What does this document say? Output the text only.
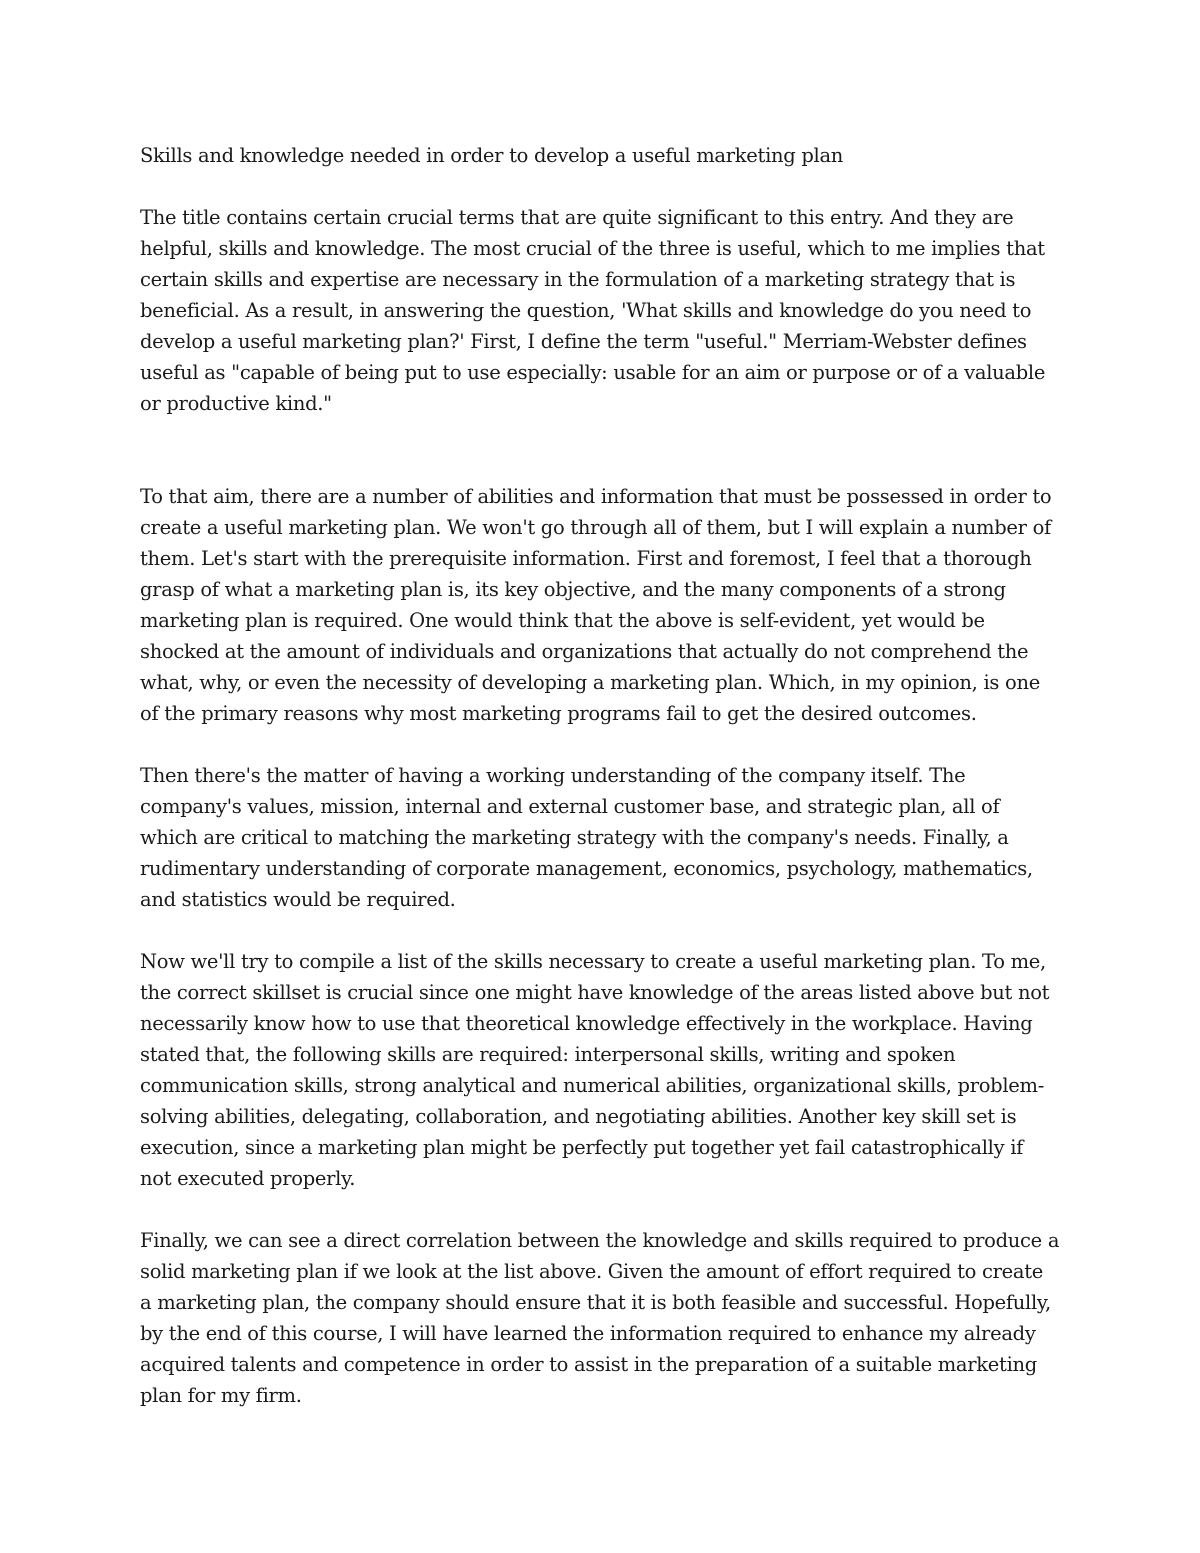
Skills and knowledge needed in order to develop a useful marketing plan

The title contains certain crucial terms that are quite significant to this entry. And they are helpful, skills and knowledge. The most crucial of the three is useful, which to me implies that certain skills and expertise are necessary in the formulation of a marketing strategy that is beneficial. As a result, in answering the question, 'What skills and knowledge do you need to develop a useful marketing plan?' First, I define the term "useful." Merriam-Webster defines useful as "capable of being put to use especially: usable for an aim or purpose or of a valuable or productive kind."

To that aim, there are a number of abilities and information that must be possessed in order to create a useful marketing plan. We won't go through all of them, but I will explain a number of them. Let's start with the prerequisite information. First and foremost, I feel that a thorough grasp of what a marketing plan is, its key objective, and the many components of a strong marketing plan is required. One would think that the above is self-evident, yet would be shocked at the amount of individuals and organizations that actually do not comprehend the what, why, or even the necessity of developing a marketing plan. Which, in my opinion, is one of the primary reasons why most marketing programs fail to get the desired outcomes.

Then there's the matter of having a working understanding of the company itself. The company's values, mission, internal and external customer base, and strategic plan, all of which are critical to matching the marketing strategy with the company's needs. Finally, a rudimentary understanding of corporate management, economics, psychology, mathematics, and statistics would be required.

Now we'll try to compile a list of the skills necessary to create a useful marketing plan. To me, the correct skillset is crucial since one might have knowledge of the areas listed above but not necessarily know how to use that theoretical knowledge effectively in the workplace. Having stated that, the following skills are required: interpersonal skills, writing and spoken communication skills, strong analytical and numerical abilities, organizational skills, problem-solving abilities, delegating, collaboration, and negotiating abilities. Another key skill set is execution, since a marketing plan might be perfectly put together yet fail catastrophically if not executed properly.

Finally, we can see a direct correlation between the knowledge and skills required to produce a solid marketing plan if we look at the list above. Given the amount of effort required to create a marketing plan, the company should ensure that it is both feasible and successful. Hopefully, by the end of this course, I will have learned the information required to enhance my already acquired talents and competence in order to assist in the preparation of a suitable marketing plan for my firm.
